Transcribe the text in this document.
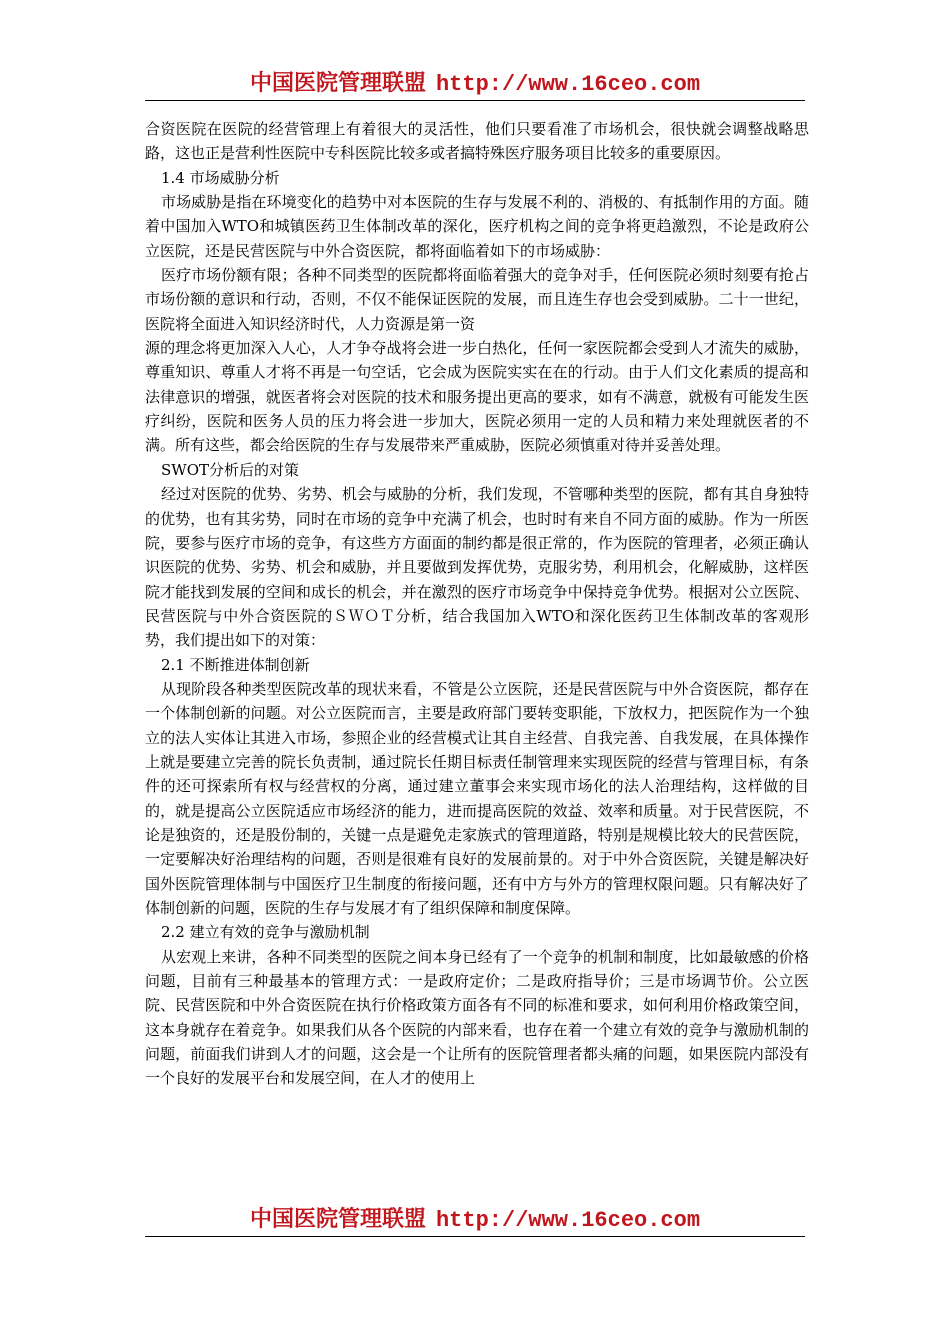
中国医院管理联盟 http://www.16ceo.com

合资医院在医院的经营管理上有着很大的灵活性，他们只要看准了市场机会，很快就会调整战略思路，这也正是营利性医院中专科医院比较多或者搞特殊医疗服务项目比较多的重要原因。

1.4 市场威胁分析

市场威胁是指在环境变化的趋势中对本医院的生存与发展不利的、消极的、有抵制作用的方面。随着中国加入WTO和城镇医药卫生体制改革的深化，医疗机构之间的竞争将更趋激烈，不论是政府公立医院，还是民营医院与中外合资医院，都将面临着如下的市场威胁：

医疗市场份额有限；各种不同类型的医院都将面临着强大的竞争对手，任何医院必须时刻要有抢占市场份额的意识和行动，否则，不仅不能保证医院的发展，而且连生存也会受到威胁。二十一世纪，医院将全面进入知识经济时代，人力资源是第一资

源的理念将更加深入人心，人才争夺战将会进一步白热化，任何一家医院都会受到人才流失的威胁，尊重知识、尊重人才将不再是一句空话，它会成为医院实实在在的行动。由于人们文化素质的提高和法律意识的增强，就医者将会对医院的技术和服务提出更高的要求，如有不满意，就极有可能发生医疗纠纷，医院和医务人员的压力将会进一步加大，医院必须用一定的人员和精力来处理就医者的不满。所有这些，都会给医院的生存与发展带来严重威胁，医院必须慎重对待并妥善处理。

SWOT分析后的对策

经过对医院的优势、劣势、机会与威胁的分析，我们发现，不管哪种类型的医院，都有其自身独特的优势，也有其劣势，同时在市场的竞争中充满了机会，也时时有来自不同方面的威胁。作为一所医院，要参与医疗市场的竞争，有这些方方面面的制约都是很正常的，作为医院的管理者，必须正确认识医院的优势、劣势、机会和威胁，并且要做到发挥优势，克服劣势，利用机会，化解威胁，这样医院才能找到发展的空间和成长的机会，并在激烈的医疗市场竞争中保持竞争优势。根据对公立医院、民营医院与中外合资医院的ＳＷＯＴ分析，结合我国加入WTO和深化医药卫生体制改革的客观形势，我们提出如下的对策：

2.1 不断推进体制创新

从现阶段各种类型医院改革的现状来看，不管是公立医院，还是民营医院与中外合资医院，都存在一个体制创新的问题。对公立医院而言，主要是政府部门要转变职能，下放权力，把医院作为一个独立的法人实体让其进入市场，参照企业的经营模式让其自主经营、自我完善、自我发展，在具体操作上就是要建立完善的院长负责制，通过院长任期目标责任制管理来实现医院的经营与管理目标，有条件的还可探索所有权与经营权的分离，通过建立董事会来实现市场化的法人治理结构，这样做的目的，就是提高公立医院适应市场经济的能力，进而提高医院的效益、效率和质量。对于民营医院，不论是独资的，还是股份制的，关键一点是避免走家族式的管理道路，特别是规模比较大的民营医院，一定要解决好治理结构的问题，否则是很难有良好的发展前景的。对于中外合资医院，关键是解决好国外医院管理体制与中国医疗卫生制度的衔接问题，还有中方与外方的管理权限问题。只有解决好了体制创新的问题，医院的生存与发展才有了组织保障和制度保障。

2.2 建立有效的竞争与激励机制

从宏观上来讲，各种不同类型的医院之间本身已经有了一个竞争的机制和制度，比如最敏感的价格问题，目前有三种最基本的管理方式：一是政府定价；二是政府指导价；三是市场调节价。公立医院、民营医院和中外合资医院在执行价格政策方面各有不同的标准和要求，如何利用价格政策空间，这本身就存在着竞争。如果我们从各个医院的内部来看，也存在着一个建立有效的竞争与激励机制的问题，前面我们讲到人才的问题，这会是一个让所有的医院管理者都头痛的问题，如果医院内部没有一个良好的发展平台和发展空间，在人才的使用上

中国医院管理联盟 http://www.16ceo.com
